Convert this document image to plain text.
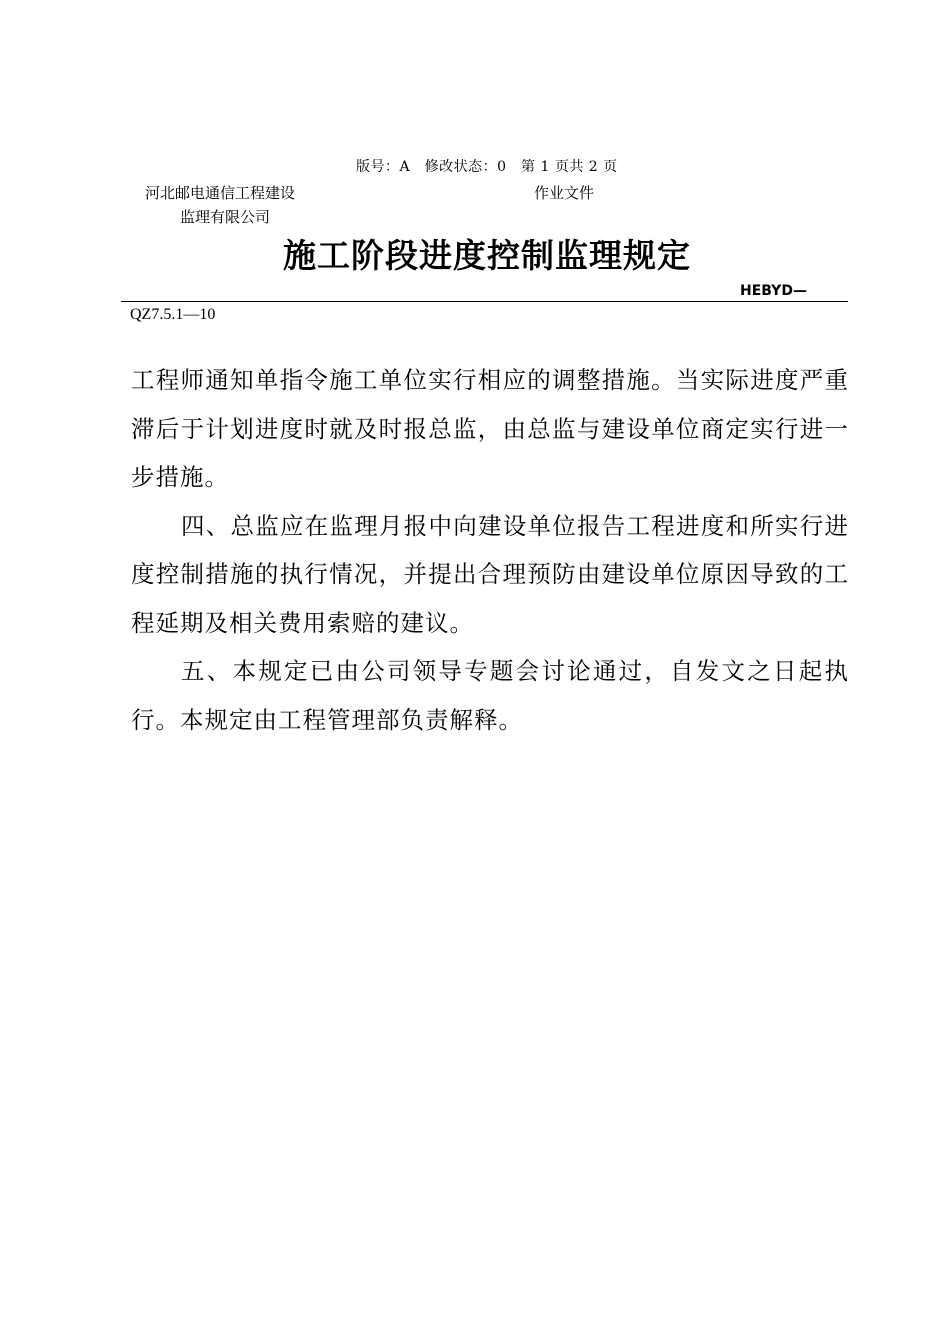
版号：A　修改状态：0　第 1 页共 2 页
河北邮电通信工程建设
监理有限公司
作业文件
施工阶段进度控制监理规定
HEBYD—
QZ7.5.1—10

工程师通知单指令施工单位实行相应的调整措施。当实际进度严重滞后于计划进度时就及时报总监，由总监与建设单位商定实行进一步措施。

四、总监应在监理月报中向建设单位报告工程进度和所实行进度控制措施的执行情况，并提出合理预防由建设单位原因导致的工程延期及相关费用索赔的建议。

五、本规定已由公司领导专题会讨论通过，自发文之日起执行。本规定由工程管理部负责解释。
